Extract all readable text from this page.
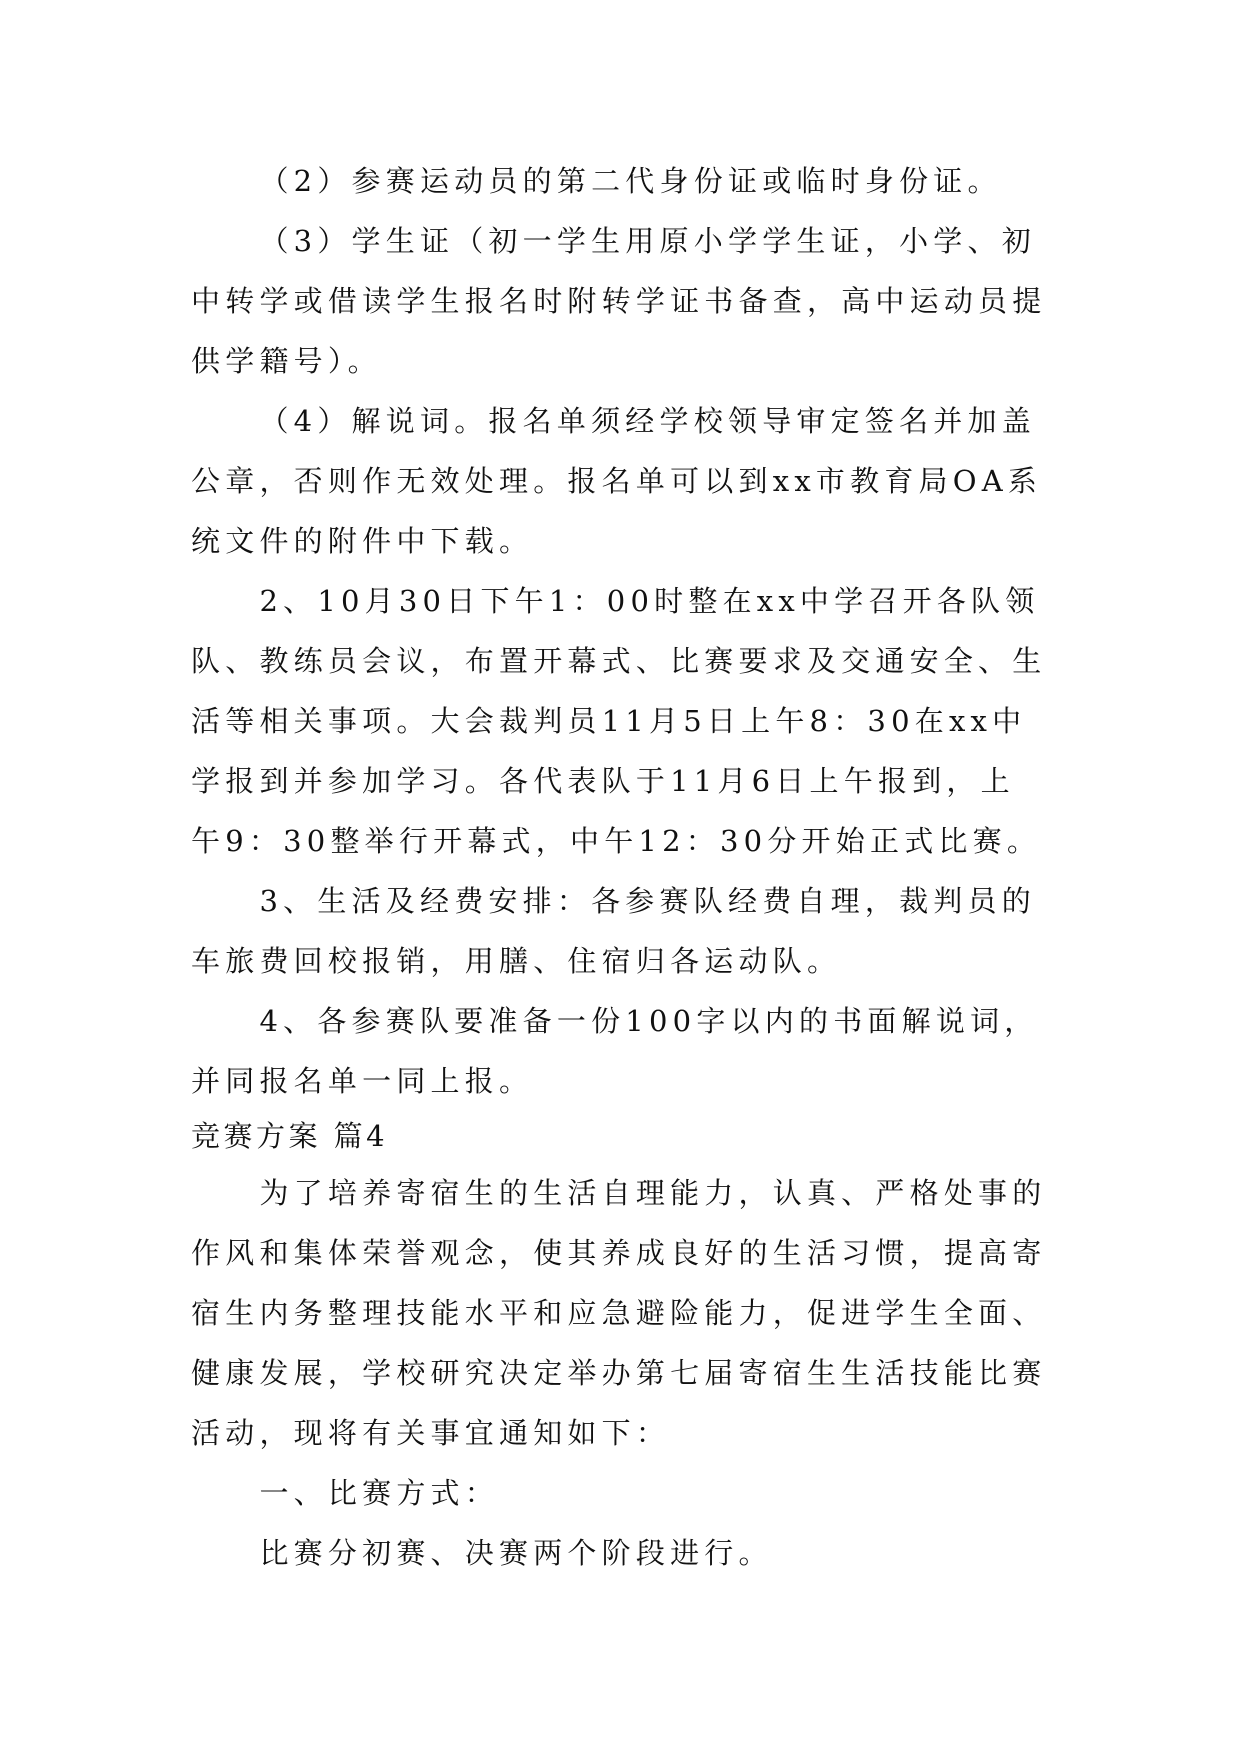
（2）参赛运动员的第二代身份证或临时身份证。

（3）学生证（初一学生用原小学学生证，小学、初中转学或借读学生报名时附转学证书备查，高中运动员提供学籍号）。

（4）解说词。报名单须经学校领导审定签名并加盖公章，否则作无效处理。报名单可以到xx市教育局OA系统文件的附件中下载。

2、10月30日下午1：00时整在xx中学召开各队领队、教练员会议，布置开幕式、比赛要求及交通安全、生活等相关事项。大会裁判员11月5日上午8：30在xx中学报到并参加学习。各代表队于11月6日上午报到，上午9：30整举行开幕式，中午12：30分开始正式比赛。

3、生活及经费安排：各参赛队经费自理，裁判员的车旅费回校报销，用膳、住宿归各运动队。

4、各参赛队要准备一份100字以内的书面解说词，并同报名单一同上报。

竞赛方案 篇4

为了培养寄宿生的生活自理能力，认真、严格处事的作风和集体荣誉观念，使其养成良好的生活习惯，提高寄宿生内务整理技能水平和应急避险能力，促进学生全面、健康发展，学校研究决定举办第七届寄宿生生活技能比赛活动，现将有关事宜通知如下：

一、比赛方式：

比赛分初赛、决赛两个阶段进行。
